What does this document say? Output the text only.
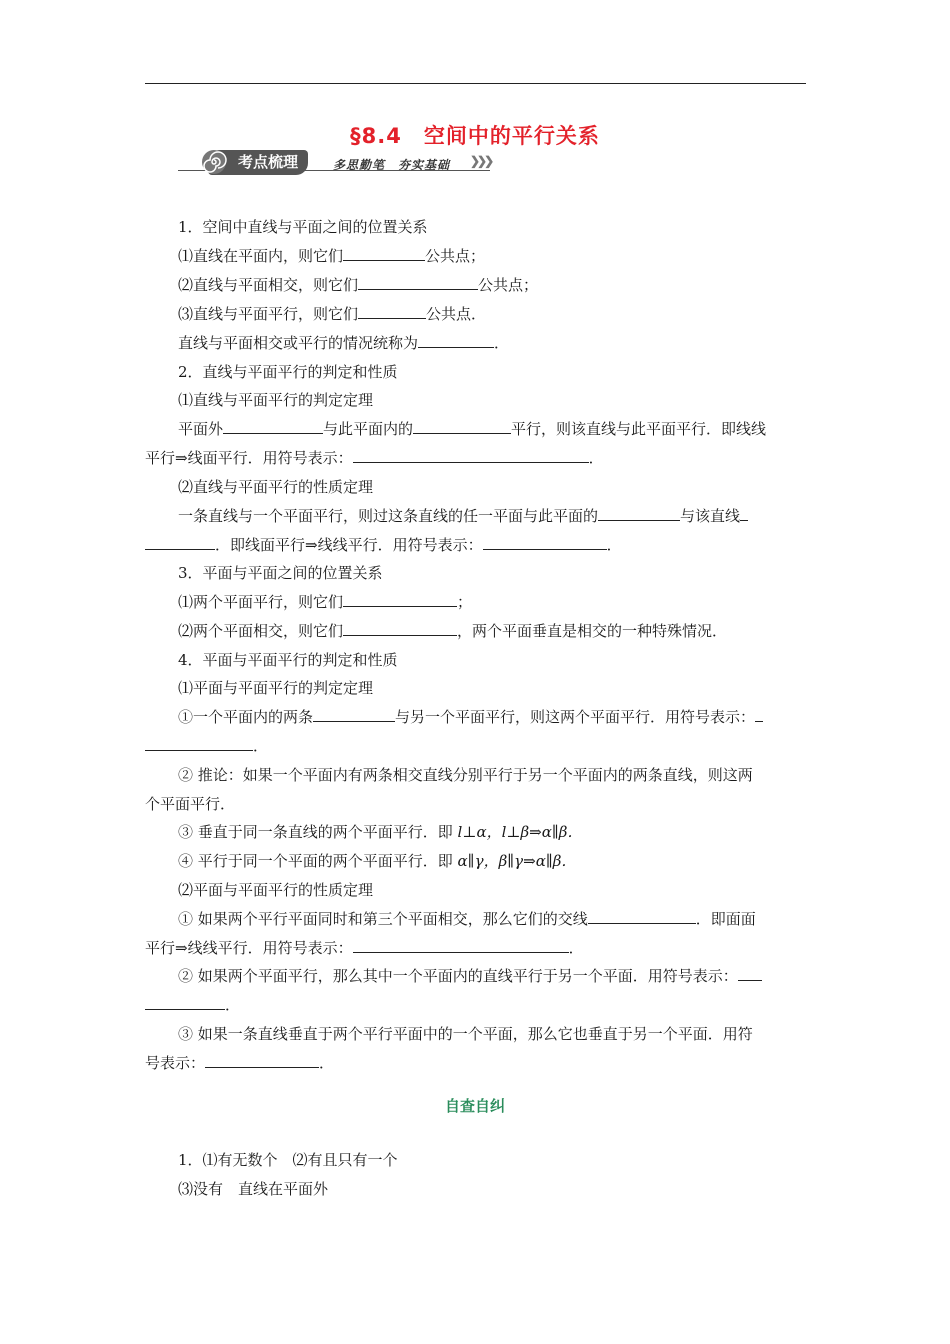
§8.4　空间中的平行关系
考点梳理	多思勤笔　夯实基础 ❯❯❯
1．空间中直线与平面之间的位置关系
⑴直线在平面内，则它们	公共点；
⑵直线与平面相交，则它们	公共点；
⑶直线与平面平行，则它们	公共点．
直线与平面相交或平行的情况统称为	．
2．直线与平面平行的判定和性质
⑴直线与平面平行的判定定理
平面外	与此平面内的	平行，则该直线与此平面平行．即线线
平行⇒线面平行．用符号表示：	．
⑵直线与平面平行的性质定理
一条直线与一个平面平行，则过这条直线的任一平面与此平面的	与该直线
．即线面平行⇒线线平行．用符号表示：	．
3．平面与平面之间的位置关系
⑴两个平面平行，则它们	；
⑵两个平面相交，则它们	，两个平面垂直是相交的一种特殊情况．
4．平面与平面平行的判定和性质
⑴平面与平面平行的判定定理
①一个平面内的两条	与另一个平面平行，则这两个平面平行．用符号表示：
．
② 推论：如果一个平面内有两条相交直线分别平行于另一个平面内的两条直线，则这两
个平面平行．
③ 垂直于同一条直线的两个平面平行．即 l⊥α，l⊥β⇒α∥β．
④ 平行于同一个平面的两个平面平行．即 α∥γ，β∥γ⇒α∥β．
⑵平面与平面平行的性质定理
① 如果两个平行平面同时和第三个平面相交，那么它们的交线	．即面面
平行⇒线线平行．用符号表示：	．
② 如果两个平面平行，那么其中一个平面内的直线平行于另一个平面．用符号表示：
．
③ 如果一条直线垂直于两个平行平面中的一个平面，那么它也垂直于另一个平面．用符
号表示：	．
自查自纠
1．⑴有无数个　⑵有且只有一个
⑶没有　直线在平面外
